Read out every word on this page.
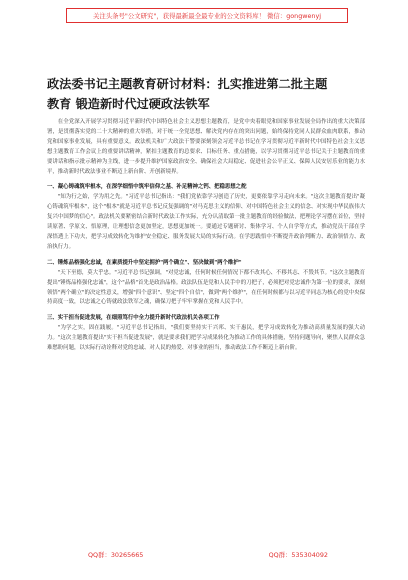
关注头条号"公文研究"，获得最新最全最专业的公文资料库！ 微信：gongwenyj
政法委书记主题教育研讨材料：扎实推进第二批主题
教育 锻造新时代过硬政法铁军

在全党深入开展学习贯彻习近平新时代中国特色社会主义思想主题教育，是党中央着眼党和国家事业发展全局作出的重大决策部署，是贯彻落实党的二十大精神的重大举措，对于统一全党思想、解决党内存在的突出问题，始终保持党同人民群众血肉联系，推动党和国家事业发展，具有重要意义。政法机关和广大政法干警要深刻领会习近平总书记在学习贯彻习近平新时代中国特色社会主义思想主题教育工作会议上的重要讲话精神，紧扣主题教育的总要求、目标任务、重点措施，以学习贯彻习近平总书记关于主题教育的重要讲话和指示批示精神为主线，进一步提升维护国家政治安全、确保社会大局稳定、促进社会公平正义、保障人民安居乐业的能力水平，推动新时代政法事业不断迈上新台阶、开创新境界。

一、凝心铸魂筑牢根本，在深学细悟中筑牢信仰之基、补足精神之钙、把稳思想之舵

"知为行之始，学为用之先。"习近平总书记指出："我们党依靠学习创造了历史，更要依靠学习走向未来。"这次主题教育提出"凝心铸魂筑牢根本"，这个"根本"就是习近平总书记反复强调的"对马克思主义的信仰、对中国特色社会主义的信念、对实现中华民族伟大复兴中国梦的信心"。政法机关要紧密结合新时代政法工作实际，充分认清取第一批主题教育的经验做法，把理论学习摆在首位，坚持读原著、学原文、悟原理，让理想信念更加坚定，思想更加统一。要通过专题研讨、集体学习、个人自学等方式，推动党员干部在学深悟透上下功夫，把学习成效转化为维护安全稳定、服务发展大局的实际行动。在学思践悟中不断提升政治判断力、政治领悟力、政治执行力。

二、锤炼品格强化忠诚，在素质提升中坚定拥护"两个确立"、坚决做到"两个维护"

"天下至德，莫大乎忠。"习近平总书记强调，"对党忠诚，任何时候任何情况下都不改其心、不移其志、不毁其节。"这次主题教育提出"锤炼品格强化忠诚"，这个"品格"首先是政治品格。政法队伍是党和人民手中的刀把子，必须把对党忠诚作为第一位的要求，深刻领悟"两个确立"的决定性意义，增强"四个意识"、坚定"四个自信"，做到"两个维护"，在任何时候都与以习近平同志为核心的党中央保持高度一致，以忠诚之心铸就政法铁军之魂，确保刀把子牢牢掌握在党和人民手中。

三、实干担当促进发展，在细照笃行中全力提升新时代政法机关各项工作

"为学之实，固在践履。"习近平总书记指出，"我们要坚持实干兴邦、实干惠民，把学习成效转化为推动高质量发展的强大动力。"这次主题教育提出"实干担当促进发展"，就是要求我们把学习成果转化为推动工作的具体措施，坚持问题导向，聚焦人民群众急难愁盼问题，以实际行动诠释对党的忠诚、对人民的热爱、对事业的担当，推动政法工作不断迈上新台阶。

QQ群：30265665	QQ群：535304092
